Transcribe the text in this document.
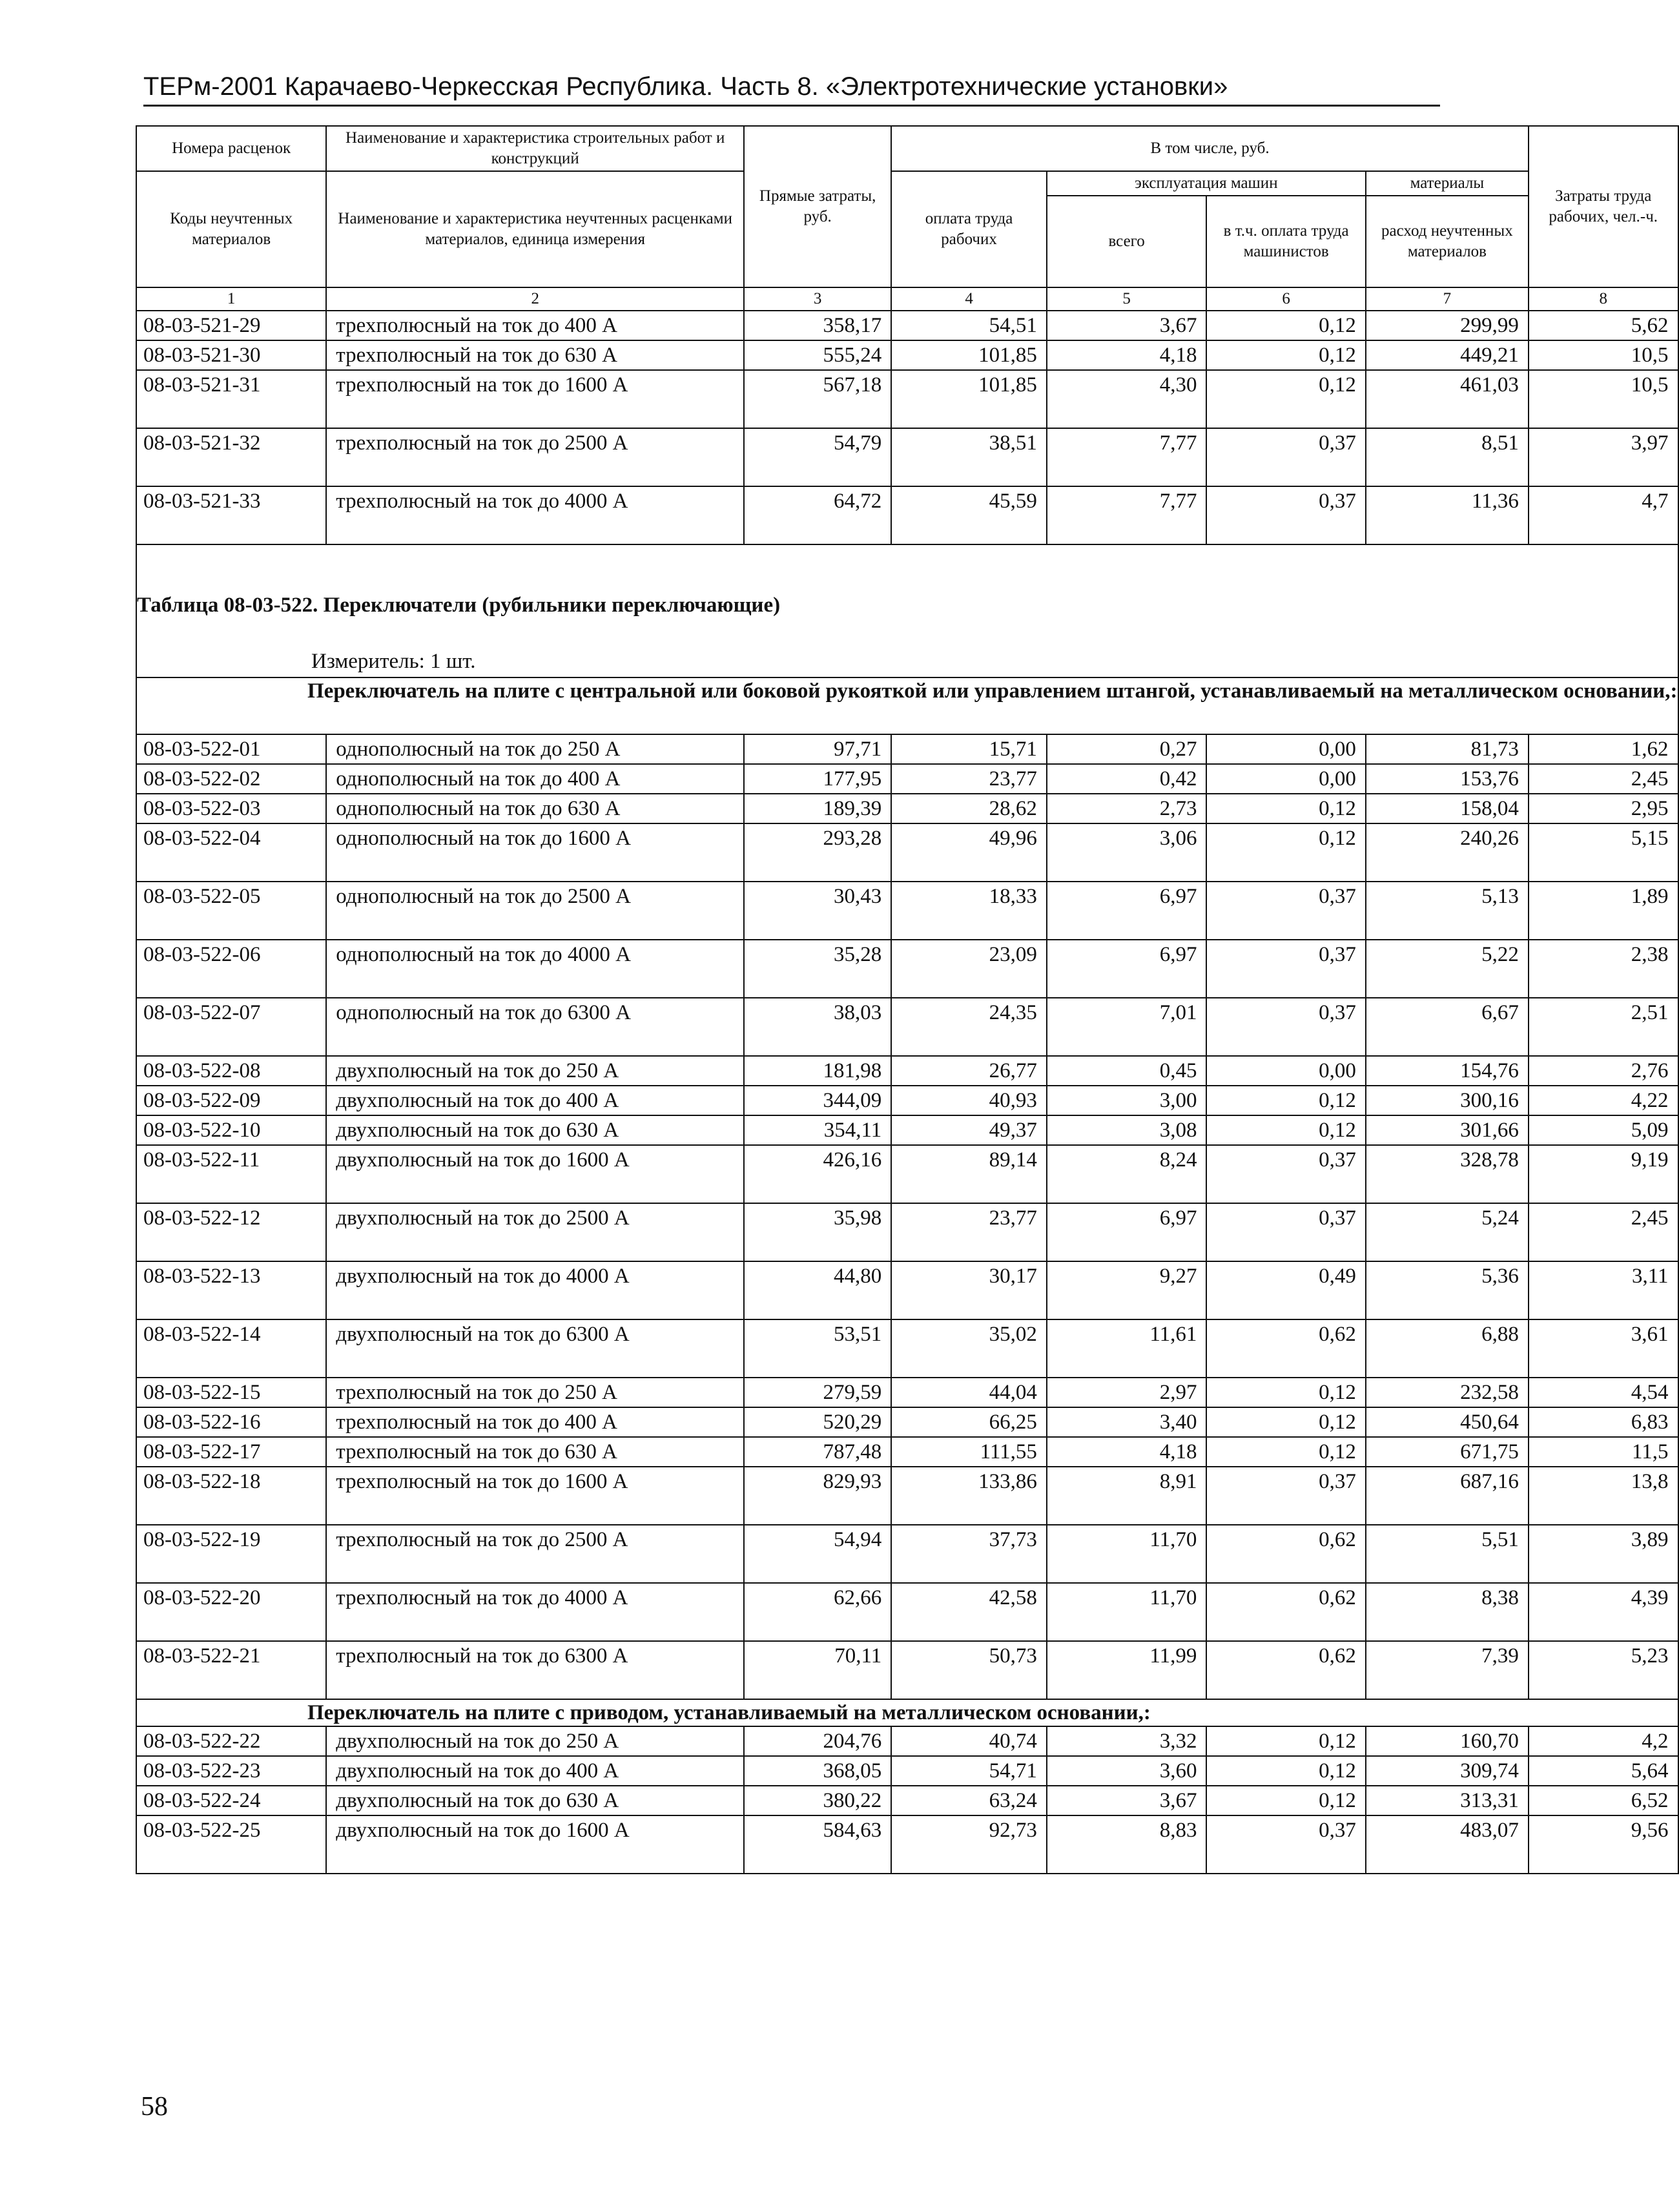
ТЕРм-2001 Карачаево-Черкесская Республика. Часть 8. «Электротехнические установки»
Номера расценок	Наименование и характеристика строительных работ и конструкций	Прямые затраты, руб.	В том числе, руб.				Затраты труда рабочих, чел.-ч.
Коды неучтенных материалов	Наименование и характеристика неучтенных расценками материалов, единица измерения		оплата труда рабочих	эксплуатация машин		материалы	
				всего	в т.ч. оплата труда машинистов	расход неучтенных материалов	
1	2	3	4	5	6	7	8
08-03-521-29	трехполюсный на ток до 400 А	358,17	54,51	3,67	0,12	299,99	5,62
08-03-521-30	трехполюсный на ток до 630 А	555,24	101,85	4,18	0,12	449,21	10,5
08-03-521-31	трехполюсный на ток до 1600 А	567,18	101,85	4,30	0,12	461,03	10,5
08-03-521-32	трехполюсный на ток до 2500 А	54,79	38,51	7,77	0,37	8,51	3,97
08-03-521-33	трехполюсный на ток до 4000 А	64,72	45,59	7,77	0,37	11,36	4,7

Таблица 08-03-522. Переключатели (рубильники переключающие)							
Измеритель: 1 шт.							
Переключатель на плите с центральной или боковой рукояткой или управлением штангой, устанавливаемый на металлическом основании,:							
08-03-522-01	однополюсный на ток до 250 А	97,71	15,71	0,27	0,00	81,73	1,62
08-03-522-02	однополюсный на ток до 400 А	177,95	23,77	0,42	0,00	153,76	2,45
08-03-522-03	однополюсный на ток до 630 А	189,39	28,62	2,73	0,12	158,04	2,95
08-03-522-04	однополюсный на ток до 1600 А	293,28	49,96	3,06	0,12	240,26	5,15
08-03-522-05	однополюсный на ток до 2500 А	30,43	18,33	6,97	0,37	5,13	1,89
08-03-522-06	однополюсный на ток до 4000 А	35,28	23,09	6,97	0,37	5,22	2,38
08-03-522-07	однополюсный на ток до 6300 А	38,03	24,35	7,01	0,37	6,67	2,51
08-03-522-08	двухполюсный на ток до 250 А	181,98	26,77	0,45	0,00	154,76	2,76
08-03-522-09	двухполюсный на ток до 400 А	344,09	40,93	3,00	0,12	300,16	4,22
08-03-522-10	двухполюсный на ток до 630 А	354,11	49,37	3,08	0,12	301,66	5,09
08-03-522-11	двухполюсный на ток до 1600 А	426,16	89,14	8,24	0,37	328,78	9,19
08-03-522-12	двухполюсный на ток до 2500 А	35,98	23,77	6,97	0,37	5,24	2,45
08-03-522-13	двухполюсный на ток до 4000 А	44,80	30,17	9,27	0,49	5,36	3,11
08-03-522-14	двухполюсный на ток до 6300 А	53,51	35,02	11,61	0,62	6,88	3,61
08-03-522-15	трехполюсный на ток до 250 А	279,59	44,04	2,97	0,12	232,58	4,54
08-03-522-16	трехполюсный на ток до 400 А	520,29	66,25	3,40	0,12	450,64	6,83
08-03-522-17	трехполюсный на ток до 630 А	787,48	111,55	4,18	0,12	671,75	11,5
08-03-522-18	трехполюсный на ток до 1600 А	829,93	133,86	8,91	0,37	687,16	13,8
08-03-522-19	трехполюсный на ток до 2500 А	54,94	37,73	11,70	0,62	5,51	3,89
08-03-522-20	трехполюсный на ток до 4000 А	62,66	42,58	11,70	0,62	8,38	4,39
08-03-522-21	трехполюсный на ток до 6300 А	70,11	50,73	11,99	0,62	7,39	5,23
Переключатель на плите с приводом, устанавливаемый на металлическом основании,:							
08-03-522-22	двухполюсный на ток до 250 А	204,76	40,74	3,32	0,12	160,70	4,2
08-03-522-23	двухполюсный на ток до 400 А	368,05	54,71	3,60	0,12	309,74	5,64
08-03-522-24	двухполюсный на ток до 630 А	380,22	63,24	3,67	0,12	313,31	6,52
08-03-522-25	двухполюсный на ток до 1600 А	584,63	92,73	8,83	0,37	483,07	9,56
58
